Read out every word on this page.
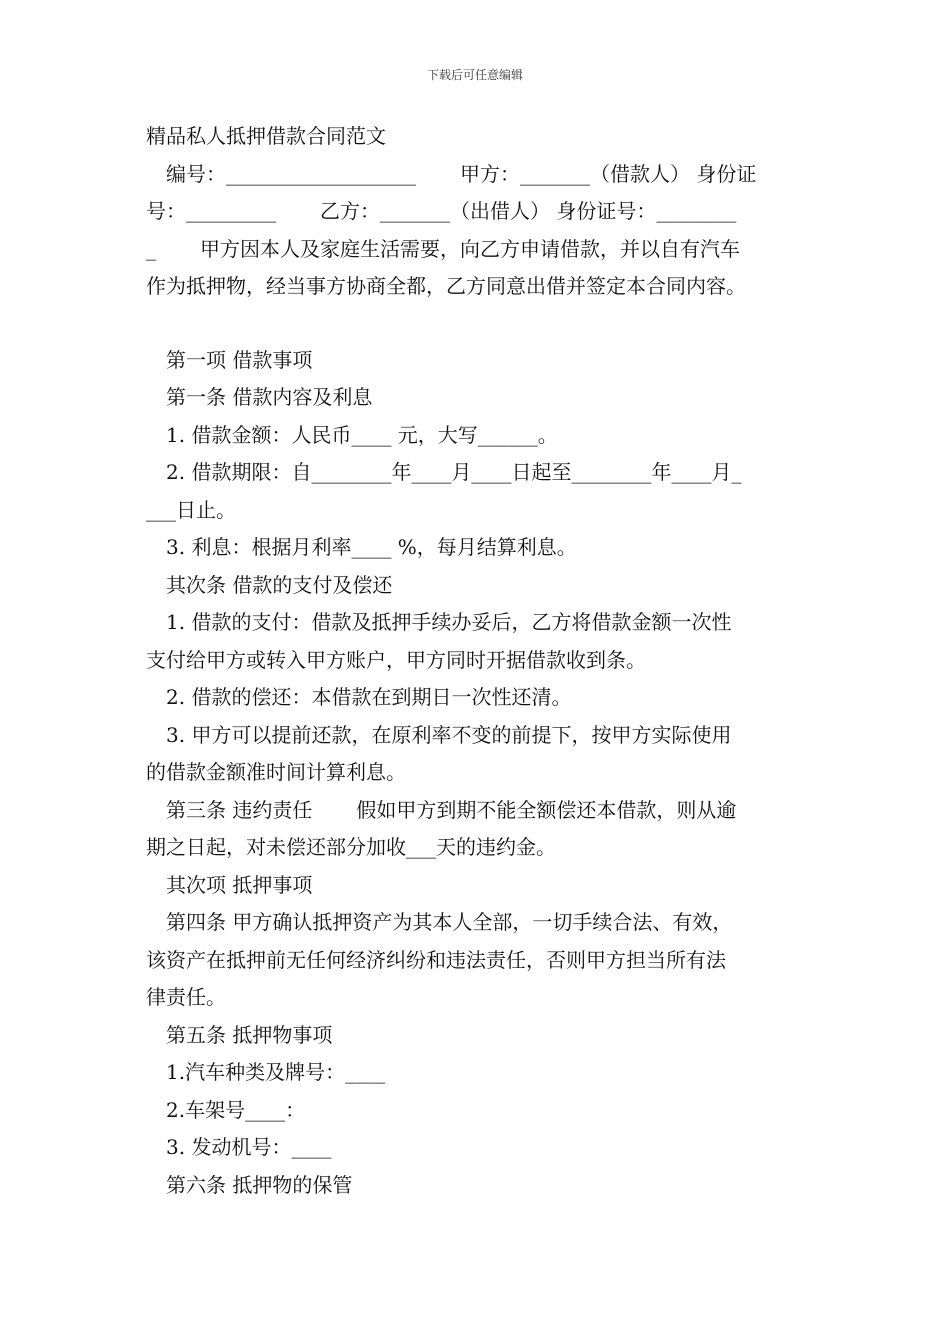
下载后可任意编辑

精品私人抵押借款合同范文

编号：___________________ 甲方：_______（借款人） 身份证

号：_________ 乙方：_______（出借人） 身份证号：________

_ 甲方因本人及家庭生活需要，向乙方申请借款，并以自有汽车

作为抵押物，经当事方协商全都，乙方同意出借并签定本合同内容。

第一项 借款事项

第一条 借款内容及利息

1. 借款金额：人民币____ 元，大写______。

2. 借款期限：自________年____月____日起至________年____月_

___日止。

3. 利息：根据月利率____ %，每月结算利息。

其次条 借款的支付及偿还

1. 借款的支付：借款及抵押手续办妥后，乙方将借款金额一次性

支付给甲方或转入甲方账户，甲方同时开据借款收到条。

2. 借款的偿还：本借款在到期日一次性还清。

3. 甲方可以提前还款，在原利率不变的前提下，按甲方实际使用

的借款金额准时间计算利息。

第三条 违约责任 假如甲方到期不能全额偿还本借款，则从逾

期之日起，对未偿还部分加收___天的违约金。

其次项 抵押事项

第四条 甲方确认抵押资产为其本人全部，一切手续合法、有效，

该资产在抵押前无任何经济纠纷和违法责任，否则甲方担当所有法

律责任。

第五条 抵押物事项

1.汽车种类及牌号：____

2.车架号____：

3. 发动机号：____

第六条 抵押物的保管
